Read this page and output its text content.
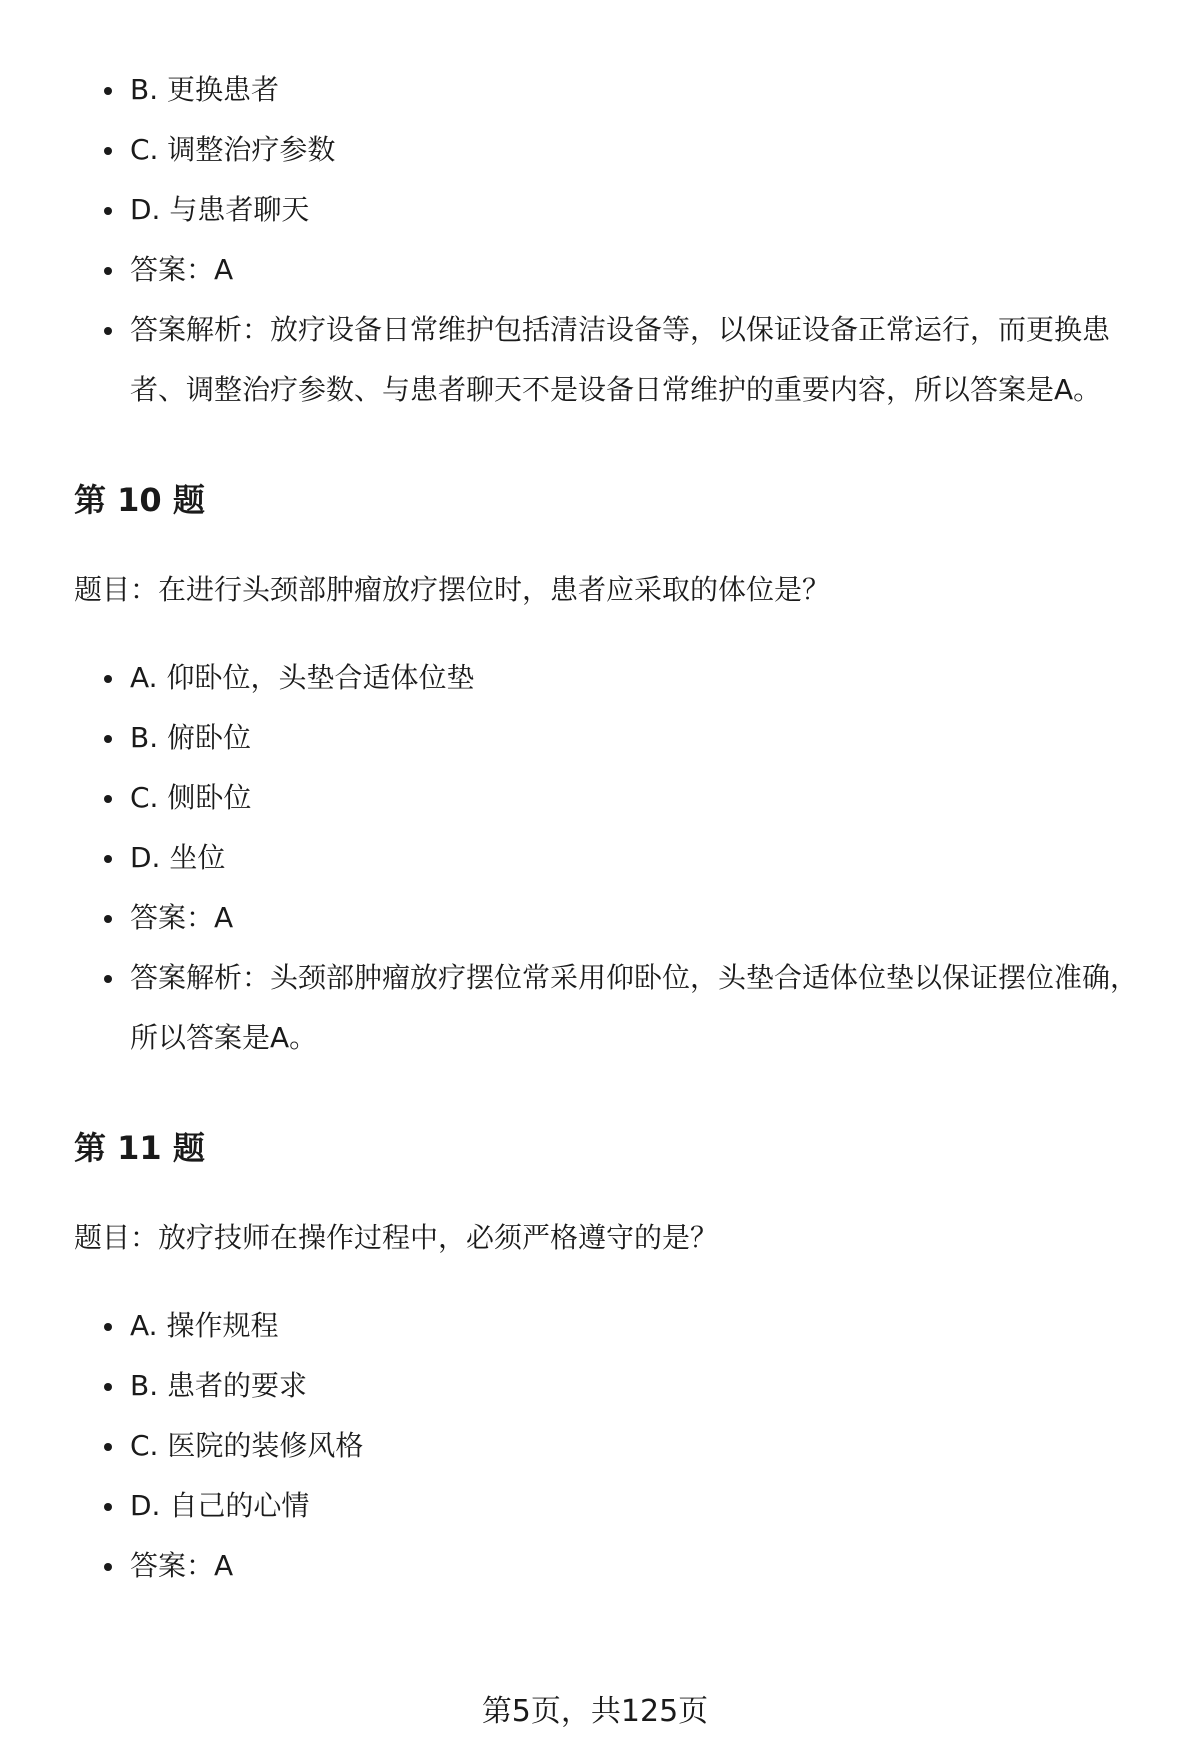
B. 更换患者
C. 调整治疗参数
D. 与患者聊天
答案：A
答案解析：放疗设备日常维护包括清洁设备等，以保证设备正常运行，而更换患者、调整治疗参数、与患者聊天不是设备日常维护的重要内容，所以答案是A。
第 10 题
题目：在进行头颈部肿瘤放疗摆位时，患者应采取的体位是？
A. 仰卧位，头垫合适体位垫
B. 俯卧位
C. 侧卧位
D. 坐位
答案：A
答案解析：头颈部肿瘤放疗摆位常采用仰卧位，头垫合适体位垫以保证摆位准确，所以答案是A。
第 11 题
题目：放疗技师在操作过程中，必须严格遵守的是？
A. 操作规程
B. 患者的要求
C. 医院的装修风格
D. 自己的心情
答案：A
第5页，共125页
